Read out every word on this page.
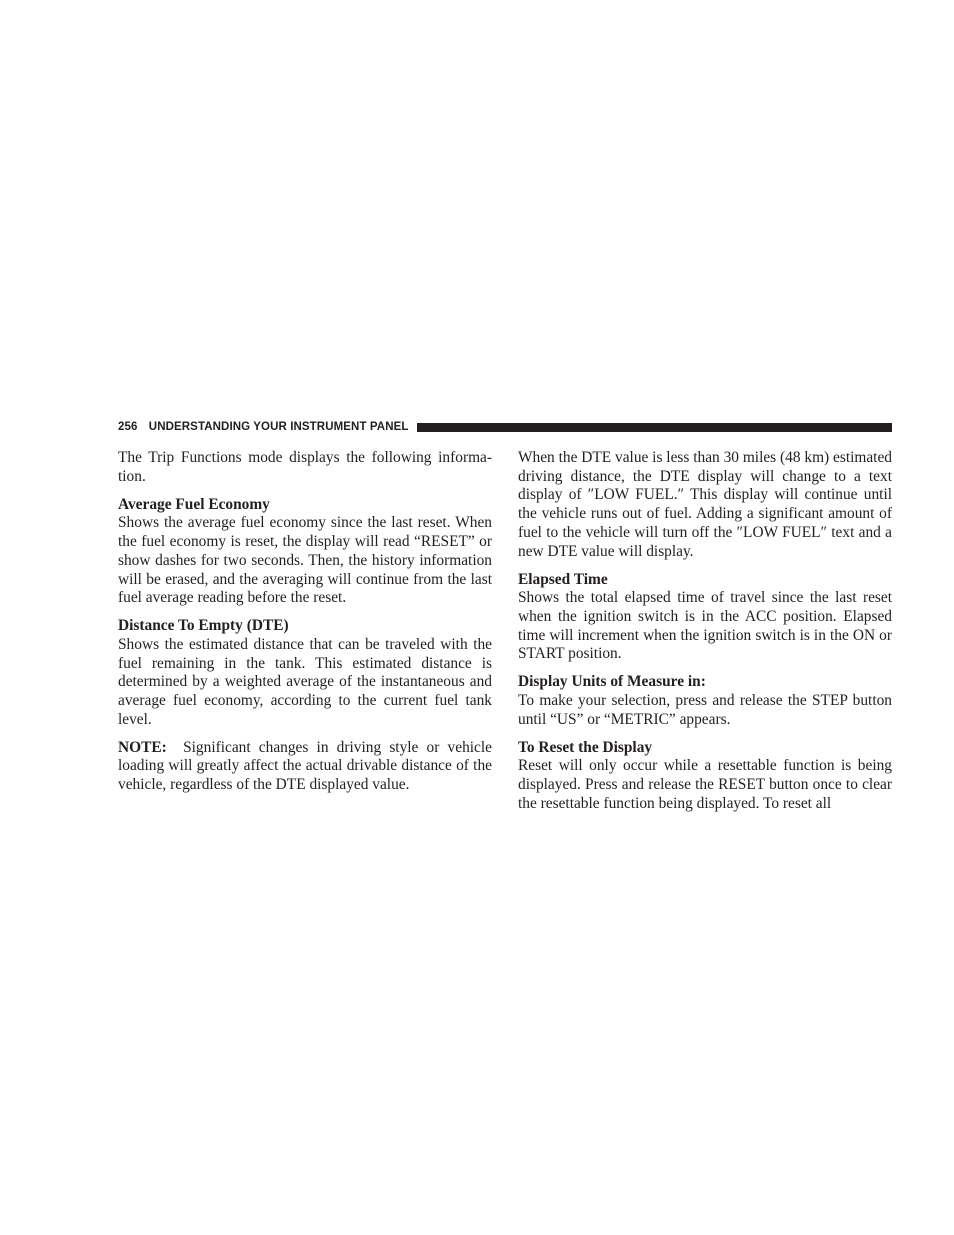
256 UNDERSTANDING YOUR INSTRUMENT PANEL

The Trip Functions mode displays the following informa-tion.

Average Fuel Economy

Shows the average fuel economy since the last reset. When the fuel economy is reset, the display will read “RESET” or show dashes for two seconds. Then, the history information will be erased, and the averaging will continue from the last fuel average reading before the reset.

Distance To Empty (DTE)

Shows the estimated distance that can be traveled with the fuel remaining in the tank. This estimated distance is determined by a weighted average of the instantaneous and average fuel economy, according to the current fuel tank level.

NOTE: Significant changes in driving style or vehicle loading will greatly affect the actual drivable distance of the vehicle, regardless of the DTE displayed value.

When the DTE value is less than 30 miles (48 km) estimated driving distance, the DTE display will change to a text display of ″LOW FUEL.″ This display will continue until the vehicle runs out of fuel. Adding a significant amount of fuel to the vehicle will turn off the ″LOW FUEL″ text and a new DTE value will display.

Elapsed Time

Shows the total elapsed time of travel since the last reset when the ignition switch is in the ACC position. Elapsed time will increment when the ignition switch is in the ON or START position.

Display Units of Measure in:

To make your selection, press and release the STEP button until “US” or “METRIC” appears.

To Reset the Display

Reset will only occur while a resettable function is being displayed. Press and release the RESET button once to clear the resettable function being displayed. To reset all
